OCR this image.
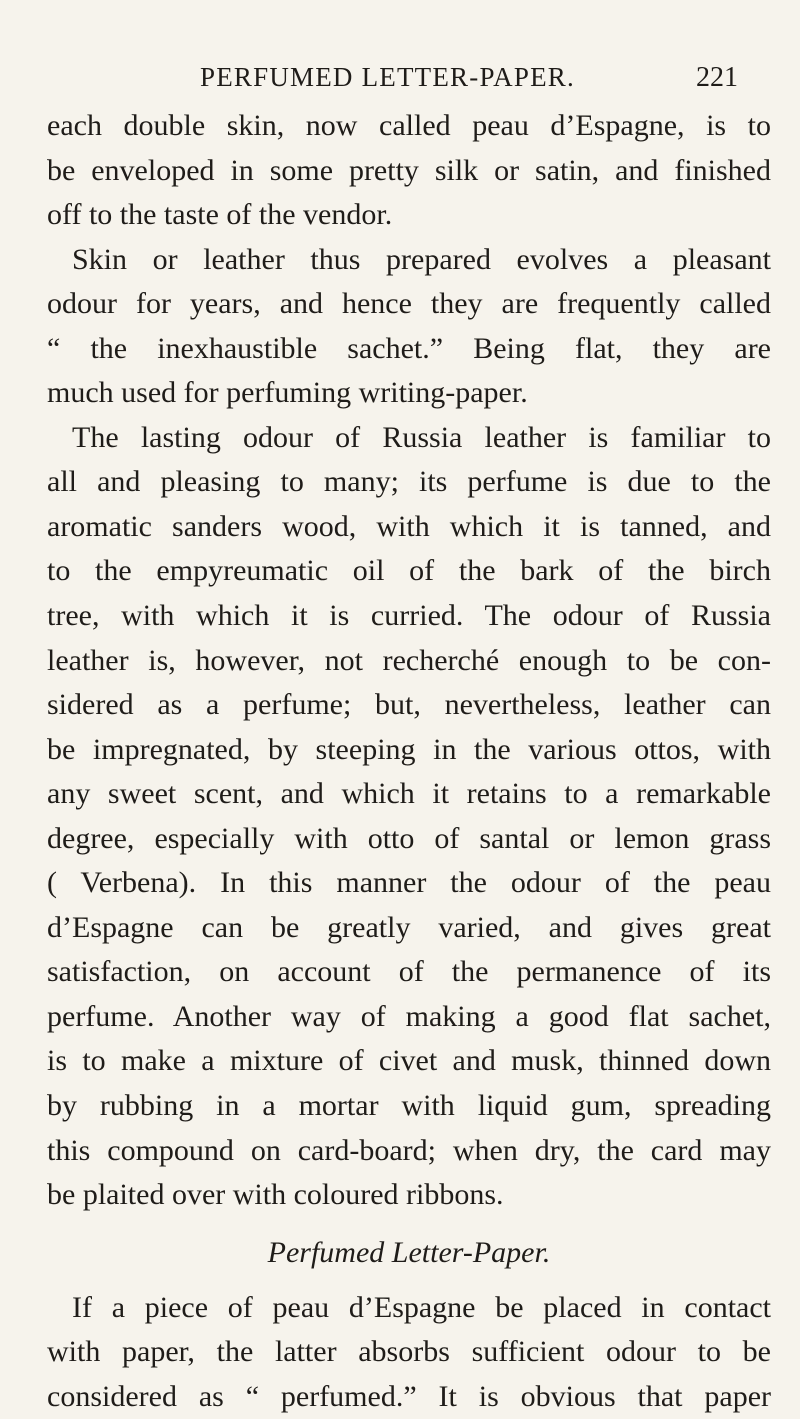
PERFUMED LETTER-PAPER.	221
each double skin, now called peau d’Espagne, is to
be enveloped in some pretty silk or satin, and finished
off to the taste of the vendor.
Skin or leather thus prepared evolves a pleasant
odour for years, and hence they are frequently called
“ the inexhaustible sachet.” Being flat, they are
much used for perfuming writing-paper.
The lasting odour of Russia leather is familiar to
all and pleasing to many; its perfume is due to the
aromatic sanders wood, with which it is tanned, and
to the empyreumatic oil of the bark of the birch
tree, with which it is curried. The odour of Russia
leather is, however, not recherché enough to be con-
sidered as a perfume; but, nevertheless, leather can
be impregnated, by steeping in the various ottos, with
any sweet scent, and which it retains to a remarkable
degree, especially with otto of santal or lemon grass
( Verbena). In this manner the odour of the peau
d’Espagne can be greatly varied, and gives great
satisfaction, on account of the permanence of its
perfume. Another way of making a good flat sachet,
is to make a mixture of civet and musk, thinned down
by rubbing in a mortar with liquid gum, spreading
this compound on card-board; when dry, the card may
be plaited over with coloured ribbons.
Perfumed Letter-Paper.
If a piece of peau d’Espagne be placed in contact
with paper, the latter absorbs sufficient odour to be
considered as “ perfumed.” It is obvious that paper
